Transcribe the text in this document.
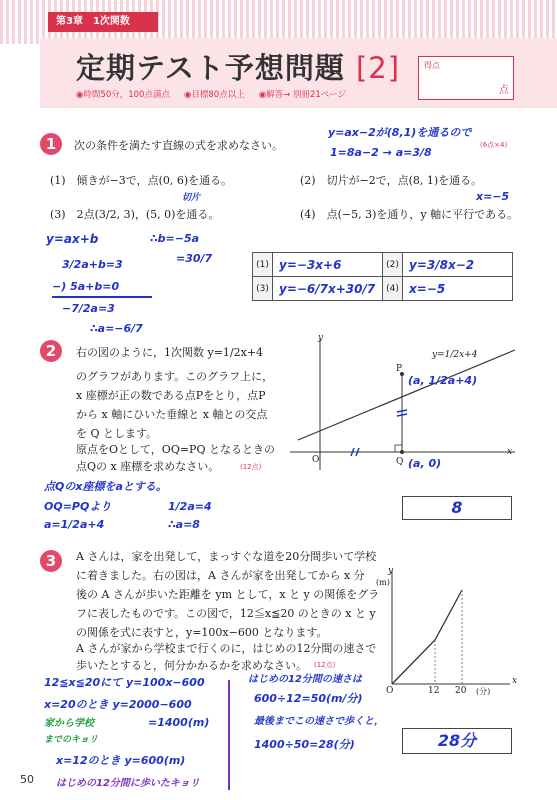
第3章　1次関数
定期テスト予想問題 [2]
◉時間50分，100点満点 ◉目標80点以上 ◉解答→ 別冊21ページ
得点
点
1	次の条件を満たす直線の式を求めなさい。	(6点×4)
(1)　傾きが−3で，点(0, 6)を通る。	(2)　切片が−2で，点(8, 1)を通る。
(3)　2点(3/2, 3)，(5, 0)を通る。	(4)　点(−5, 3)を通り，y 軸に平行である。
y=ax−2が(8,1)を通るので
1=8a−2 → a=3/8
切片	x=−5
y=ax+b	∴b=−5a
=30/7
3/2a+b=3
−) 5a+b=0
−7/2a=3
∴a=−6/7
(1)	y=−3x+6	(2)	y=3/8x−2
(3)	y=−6/7x+30/7	(4)	x=−5
2	右の図のように，1次関数 y=1/2x+4
のグラフがあります。このグラフ上に，
x 座標が正の数である点Pをとり，点P
から x 軸にひいた垂線と x 軸との交点
を Q とします。
原点をOとして，OQ=PQ となるときの
点Qの x 座標を求めなさい。	(12点)
y
x
O
P
Q
y=1/2x+4
(a, 1/2a+4)
(a, 0)
点Qのx座標をaとする。
OQ=PQより
a=1/2a+4
1/2a=4
∴a=8
8
3	A さんは，家を出発して，まっすぐな道を20分間歩いて学校
に着きました。右の図は，A さんが家を出発してから x 分
後の A さんが歩いた距離を ym として，x と y の関係をグラ
フに表したものです。この図で，12≦x≦20 のときの x と y
の関係を式に表すと，y=100x−600 となります。
A さんが家から学校まで行くのに，はじめの12分間の速さで
歩いたとすると，何分かかるかを求めなさい。 (12点)
y
(m)
x
O	12 20 (分)
12≦x≦20にて y=100x−600
x=20のとき y=2000−600
=1400(m)
家から学校
までのキョリ
x=12のとき y=600(m)
はじめの12分間に歩いたキョリ
はじめの12分間の速さは
600÷12=50(m/分)
最後までこの速さで歩くと，
1400÷50=28(分)	28分
50
